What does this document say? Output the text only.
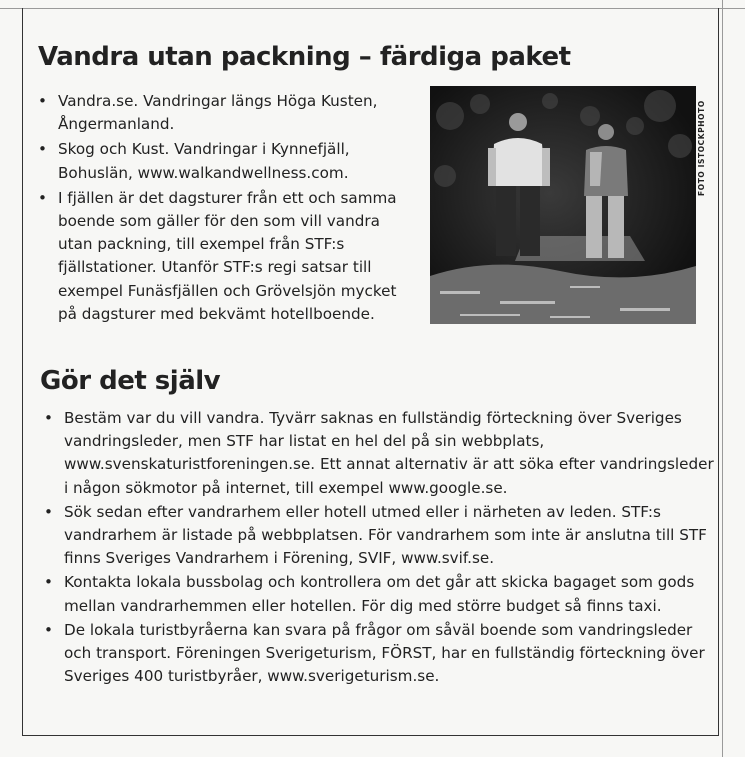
Vandra utan packning – färdiga paket
• Vandra.se. Vandringar längs Höga Kusten, Ångermanland.
• Skog och Kust. Vandringar i Kynnefjäll, Bohuslän, www.walkandwellness.com.
• I fjällen är det dagsturer från ett och samma boende som gäller för den som vill vandra utan packning, till exempel från STF:s fjällstationer. Utanför STF:s regi satsar till exempel Funäsfjällen och Grövelsjön mycket på dagsturer med bekvämt hotellboende.
FOTO ISTOCKPHOTO
Gör det själv
• Bestäm var du vill vandra. Tyvärr saknas en fullständig förteckning över Sveriges vandringsleder, men STF har listat en hel del på sin webbplats, www.svenskaturistforeningen.se. Ett annat alternativ är att söka efter vandringsleder i någon sökmotor på internet, till exempel www.google.se.
• Sök sedan efter vandrarhem eller hotell utmed eller i närheten av leden. STF:s vandrarhem är listade på webbplatsen. För vandrarhem som inte är anslutna till STF finns Sveriges Vandrarhem i Förening, SVIF, www.svif.se.
• Kontakta lokala bussbolag och kontrollera om det går att skicka bagaget som gods mellan vandrarhemmen eller hotellen. För dig med större budget så finns taxi.
• De lokala turistbyråerna kan svara på frågor om såväl boende som vandringsleder och transport. Föreningen Sverigeturism, FÖRST, har en fullständig förteckning över Sveriges 400 turistbyråer, www.sverigeturism.se.
